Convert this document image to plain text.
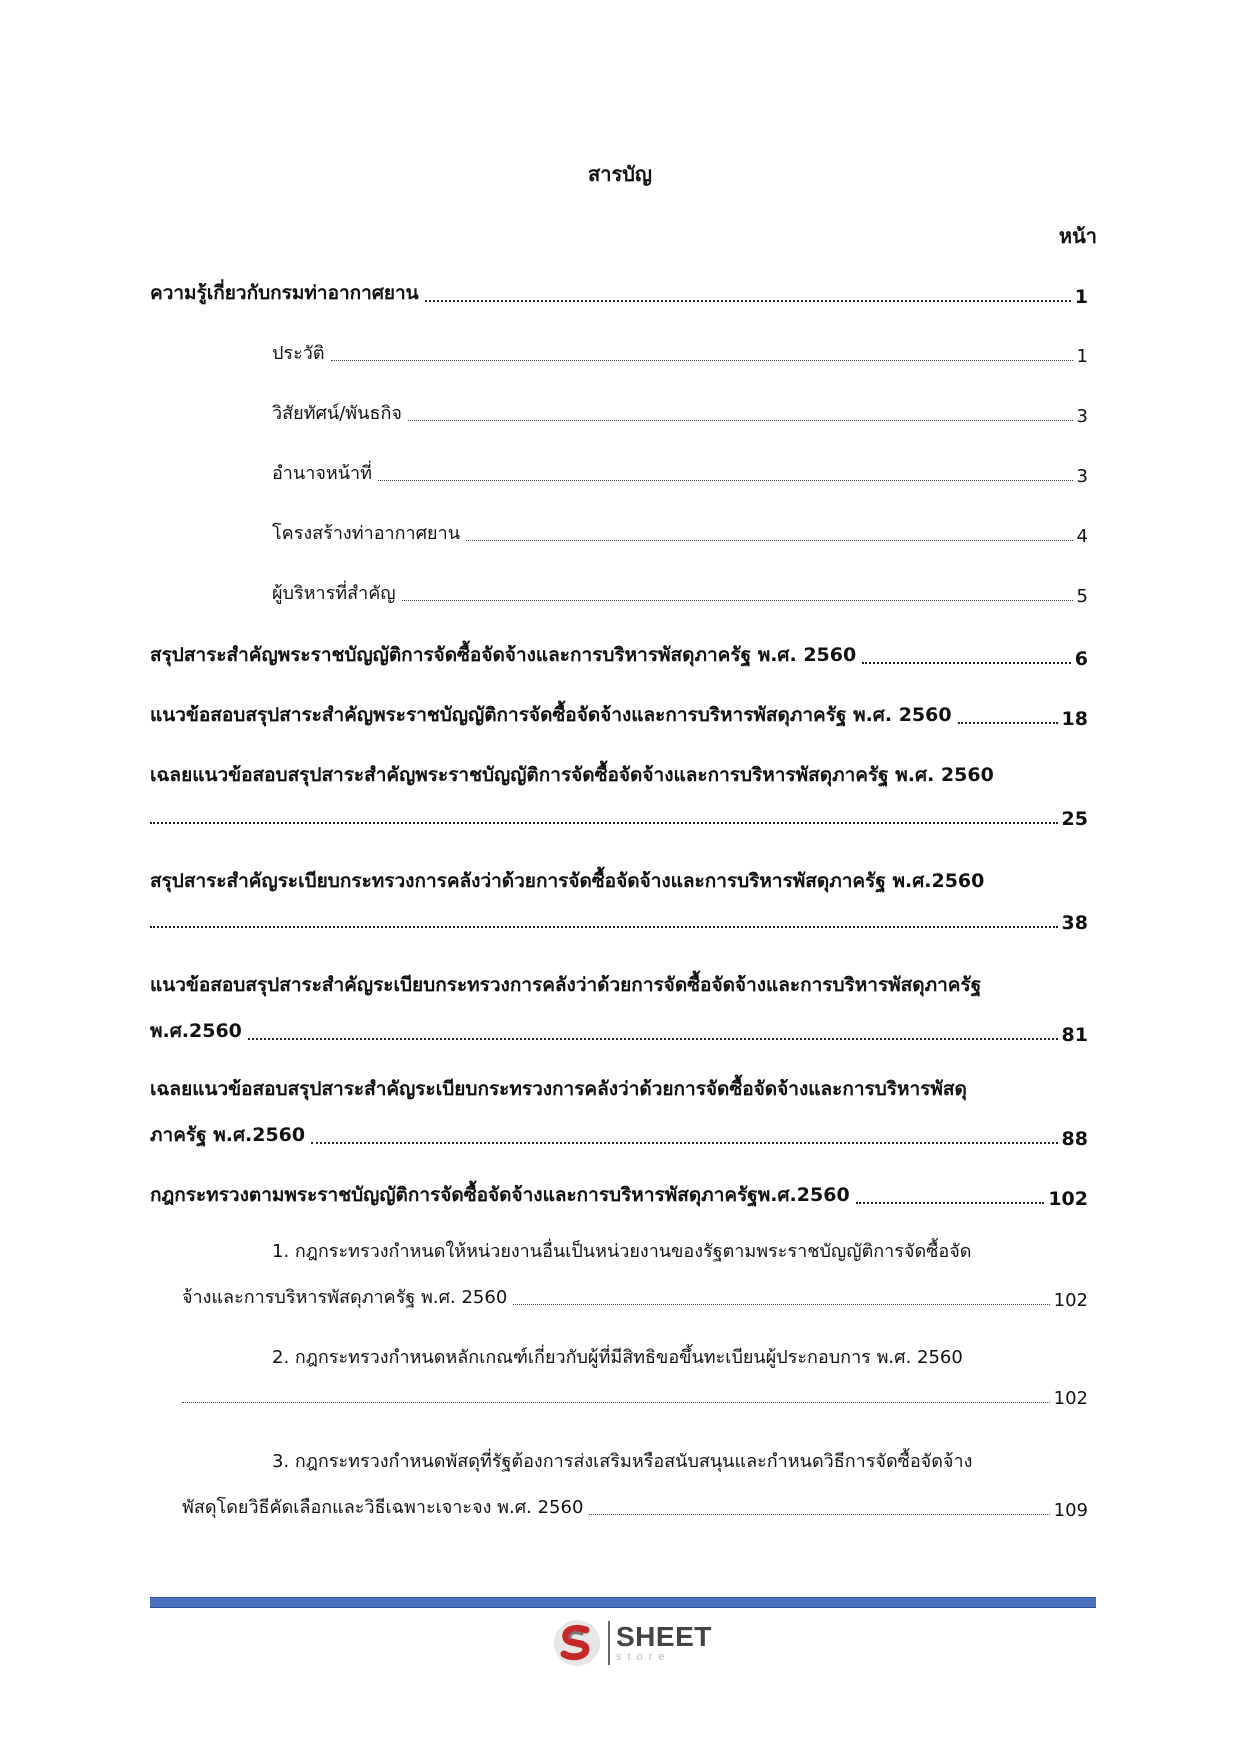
สารบัญ
หน้า
ความรู้เกี่ยวกับกรมท่าอากาศยาน	1
ประวัติ	1
วิสัยทัศน์/พันธกิจ	3
อำนาจหน้าที่	3
โครงสร้างท่าอากาศยาน	4
ผู้บริหารที่สำคัญ	5
สรุปสาระสำคัญพระราชบัญญัติการจัดซื้อจัดจ้างและการบริหารพัสดุภาครัฐ พ.ศ. 2560	6
แนวข้อสอบสรุปสาระสำคัญพระราชบัญญัติการจัดซื้อจัดจ้างและการบริหารพัสดุภาครัฐ พ.ศ. 2560	18
เฉลยแนวข้อสอบสรุปสาระสำคัญพระราชบัญญัติการจัดซื้อจัดจ้างและการบริหารพัสดุภาครัฐ พ.ศ. 2560
25
สรุปสาระสำคัญระเบียบกระทรวงการคลังว่าด้วยการจัดซื้อจัดจ้างและการบริหารพัสดุภาครัฐ พ.ศ.2560
38
แนวข้อสอบสรุปสาระสำคัญระเบียบกระทรวงการคลังว่าด้วยการจัดซื้อจัดจ้างและการบริหารพัสดุภาครัฐ
พ.ศ.2560	81
เฉลยแนวข้อสอบสรุปสาระสำคัญระเบียบกระทรวงการคลังว่าด้วยการจัดซื้อจัดจ้างและการบริหารพัสดุ
ภาครัฐ พ.ศ.2560	88
กฎกระทรวงตามพระราชบัญญัติการจัดซื้อจัดจ้างและการบริหารพัสดุภาครัฐพ.ศ.2560	102
1. กฎกระทรวงกำหนดให้หน่วยงานอื่นเป็นหน่วยงานของรัฐตามพระราชบัญญัติการจัดซื้อจัด
จ้างและการบริหารพัสดุภาครัฐ พ.ศ. 2560	102
2. กฎกระทรวงกำหนดหลักเกณฑ์เกี่ยวกับผู้ที่มีสิทธิขอขึ้นทะเบียนผู้ประกอบการ พ.ศ. 2560
102
3. กฎกระทรวงกำหนดพัสดุที่รัฐต้องการส่งเสริมหรือสนับสนุนและกำหนดวิธีการจัดซื้อจัดจ้าง
พัสดุโดยวิธีคัดเลือกและวิธีเฉพาะเจาะจง พ.ศ. 2560	109
SHEET
store
